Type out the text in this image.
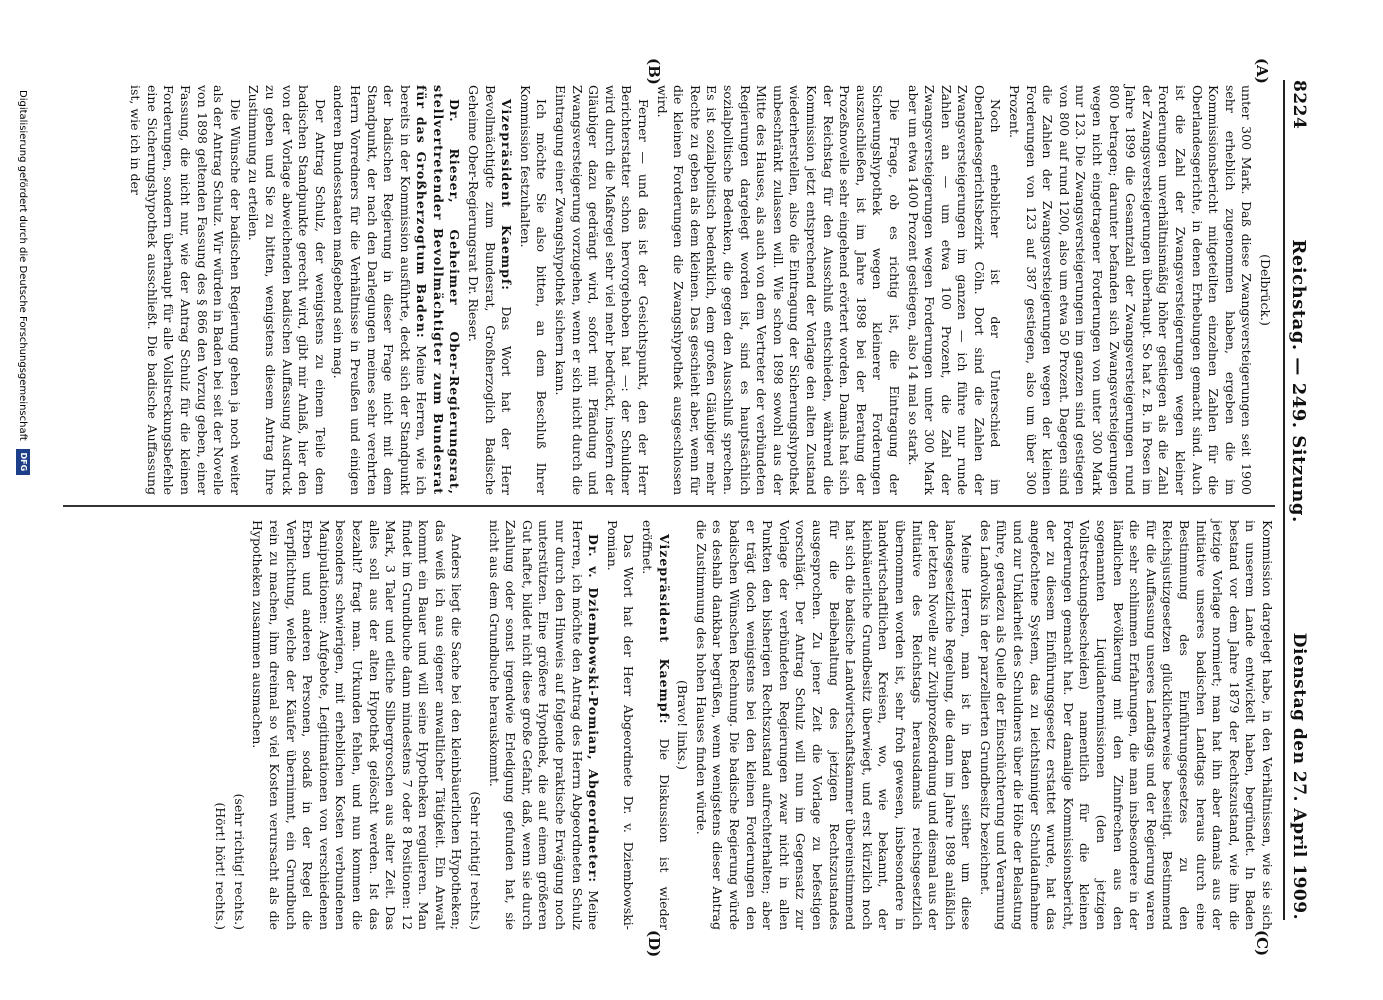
8224
Reichstag. — 249. Sitzung.
Dienstag den 27. April 1909.
(A)
(B)
(C)
(D)

(Delbrück.)

unter 300 Mark. Daß diese Zwangsversteigerungen seit 1900 sehr erheblich zugenommen haben, ergeben die im Kommissionsbericht mitgeteilten einzelnen Zahlen für die Oberlandesgerichte, in denen Erhebungen gemacht sind. Auch ist die Zahl der Zwangsversteigerungen wegen kleiner Forderungen unverhältnismäßig höher gestiegen als die Zahl der Zwangsversteigerungen überhaupt. So hat z. B. in Posen im Jahre 1899 die Gesamtzahl der Zwangsversteigerungen rund 800 betragen; darunter befanden sich Zwangsversteigerungen wegen nicht eingetragener Forderungen von unter 300 Mark nur 123. Die Zwangsversteigerungen im ganzen sind gestiegen von 800 auf rund 1200, also um etwa 50 Prozent. Dagegen sind die Zahlen der Zwangsversteigerungen wegen der kleinen Forderungen von 123 auf 387 gestiegen, also um über 300 Prozent.

Noch erheblicher ist der Unterschied im Oberlandesgerichtsbezirk Cöln. Dort sind die Zahlen der Zwangsversteigerungen im ganzen — ich führe nur runde Zahlen an — um etwa 100 Prozent, die Zahl der Zwangsversteigerungen wegen Forderungen unter 300 Mark aber um etwa 1400 Prozent gestiegen, also 14 mal so stark.

Die Frage, ob es richtig ist, die Eintragung der Sicherungshypothek wegen kleinerer Forderungen auszuschließen, ist im Jahre 1898 bei der Beratung der Prozeßnovelle sehr eingehend erörtert worden. Damals hat sich der Reichstag für den Ausschluß entschieden, während die Kommission jetzt entsprechend der Vorlage den alten Zustand wiederherstellen, also die Eintragung der Sicherungshypothek unbeschränkt zulassen will. Wie schon 1898 sowohl aus der Mitte des Hauses, als auch von dem Vertreter der verbündeten Regierungen dargelegt worden ist, sind es hauptsächlich sozialpolitische Bedenken, die gegen den Ausschluß sprechen. Es ist sozialpolitisch bedenklich, dem großen Gläubiger mehr Rechte zu geben als dem kleinen. Das geschieht aber, wenn für die kleinen Forderungen die Zwangshypothek ausgeschlossen wird.

Ferner — und das ist der Gesichtspunkt, den der Herr Berichterstatter schon hervorgehoben hat —: der Schuldner wird durch die Maßregel sehr viel mehr bedrückt, insofern der Gläubiger dazu gedrängt wird, sofort mit Pfändung und Zwangsversteigerung vorzugehen, wenn er sich nicht durch die Eintragung einer Zwangshypothek sichern kann.

Ich möchte Sie also bitten, an dem Beschluß Ihrer Kommission festzuhalten.

Vizepräsident Kaempf: Das Wort hat der Herr Bevollmächtigte zum Bundesrat, Großherzoglich Badische Geheime Ober-Regierungsrat Dr. Rieser.

Dr. Rieser, Geheimer Ober-Regierungsrat, stellvertretender Bevollmächtigter zum Bundesrat für das Großherzogtum Baden: Meine Herren, wie ich bereits in der Kommission ausführte, deckt sich der Standpunkt der badischen Regierung in dieser Frage nicht mit dem Standpunkt, der nach den Darlegungen meines sehr verehrten Herrn Vorredners für die Verhältnisse in Preußen und einigen anderen Bundesstaaten maßgebend sein mag.

Der Antrag Schulz, der wenigstens zu einem Teile dem badischen Standpunkte gerecht wird, gibt mir Anlaß, hier den von der Vorlage abweichenden badischen Auffassung Ausdruck zu geben und Sie zu bitten, wenigstens diesem Antrag Ihre Zustimmung zu erteilen.

Die Wünsche der badischen Regierung gehen ja noch weiter als der Antrag Schulz. Wir würden in Baden bei seit der Novelle von 1898 geltenden Fassung des § 866 den Vorzug geben, einer Fassung, die nicht nur, wie der Antrag Schulz für die kleinen Forderungen, sondern überhaupt für alle Vollstreckungsbefehle eine Sicherungshypothek ausschließt. Die badische Auffassung ist, wie ich in der

Kommission dargelegt habe, in den Verhältnissen, wie sie sich in unserem Lande entwickelt haben, begründet. In Baden bestand vor dem Jahre 1879 der Rechtszustand, wie ihn die jetzige Vorlage normiert; man hat ihn aber damals aus der Initiative unseres badischen Landtags heraus durch eine Bestimmung des Einführungsgesetzes zu den Reichsjustizgesetzen glücklicherweise beseitigt. Bestimmend für die Auffassung unseres Landtags und der Regierung waren die sehr schlimmen Erfahrungen, die man insbesondere in der ländlichen Bevölkerung mit den Zinnfrechen aus den sogenannten Liquidantenmissionen (den jetzigen Vollstreckungsbescheiden) namentlich für die kleinen Forderungen gemacht hat. Der damalige Kommissionsbericht, der zu diesem Einführungsgesetz erstattet wurde, hat das angefochtene System, das zu leichtsinniger Schuldaufnahme und zur Unklarheit des Schuldners über die Höhe der Belastung führe, geradezu als Quelle der Einschüchterung und Verarmung des Landvolks in der parzellierten Grundbesitz bezeichnet.

Meine Herren, man ist in Baden seither um diese landesgesetzliche Regelung, die dann im Jahre 1898 anläßlich der letzten Novelle zur Zivilprozeßordnung und diesmal aus der Initiative des Reichstags herausdamals reichsgesetzlich übernommen worden ist, sehr froh gewesen, insbesondere in landwirtschaftlichen Kreisen, wo, wie bekannt, der kleinbäuerliche Grundbesitz überwiegt, und erst kürzlich noch hat sich die badische Landwirtschaftskammer übereinstimmend für die Beibehaltung des jetzigen Rechtszustandes ausgesprochen. Zu jener Zeit die Vorlage zu befestigen vorschlägt. Der Antrag Schulz will nun im Gegensatz zur Vorlage der verbündeten Regierungen zwar nicht in allen Punkten den bisherigen Rechtszustand aufrechterhalten; aber er trägt doch wenigstens bei den kleinen Forderungen den badischen Wünschen Rechnung. Die badische Regierung würde es deshalb dankbar begrüßen, wenn wenigstens dieser Antrag die Zustimmung des hohen Hauses finden würde.

(Bravo! links.)

Vizepräsident Kaempf: Die Diskussion ist wieder eröffnet.

Das Wort hat der Herr Abgeordnete Dr. v. Dziembowski-Pomian.

Dr. v. Dziembowski-Pomian, Abgeordneter: Meine Herren, ich möchte den Antrag des Herrn Abgeordneten Schulz nur durch den Hinweis auf folgende praktische Erwägung noch unterstützen. Eine größere Hypothek, die auf einem größeren Gut haftet, bildet nicht diese große Gefahr, daß, wenn sie durch Zahlung oder sonst irgendwie Erledigung gefunden hat, sie nicht aus dem Grundbuche herauskommt.

(Sehr richtig! rechts.)

Anders liegt die Sache bei den kleinbäuerlichen Hypotheken; das weiß ich aus eigener anwaltlicher Tätigkeit. Ein Anwalt kommt ein Bauer und will seine Hypotheken regulieren. Man findet im Grundbuche dann mindestens 7 oder 8 Positionen: 12 Mark, 3 Taler und etliche Silbergroschen aus alter Zeit. Das alles soll aus der alten Hypothek gelöscht werden. Ist das bezahlt? fragt man. Urkunden fehlen, und nun kommen die besonders schwierigen, mit erheblichen Kosten verbundenen Manipulationen: Aufgebote, Legitimationen von verschiedenen Erben und anderen Personen, sodaß in der Regel die Verpflichtung, welche der Käufer übernimmt, ein Grundbuch rein zu machen, ihm dreimal so viel Kosten verursacht als die Hypotheken zusammen ausmachen.

(sehr richtig! rechts.)

(Hört! hört! rechts.)

Digitalisierung gefördert durch die Deutsche Forschungsgemeinschaft
DFG
